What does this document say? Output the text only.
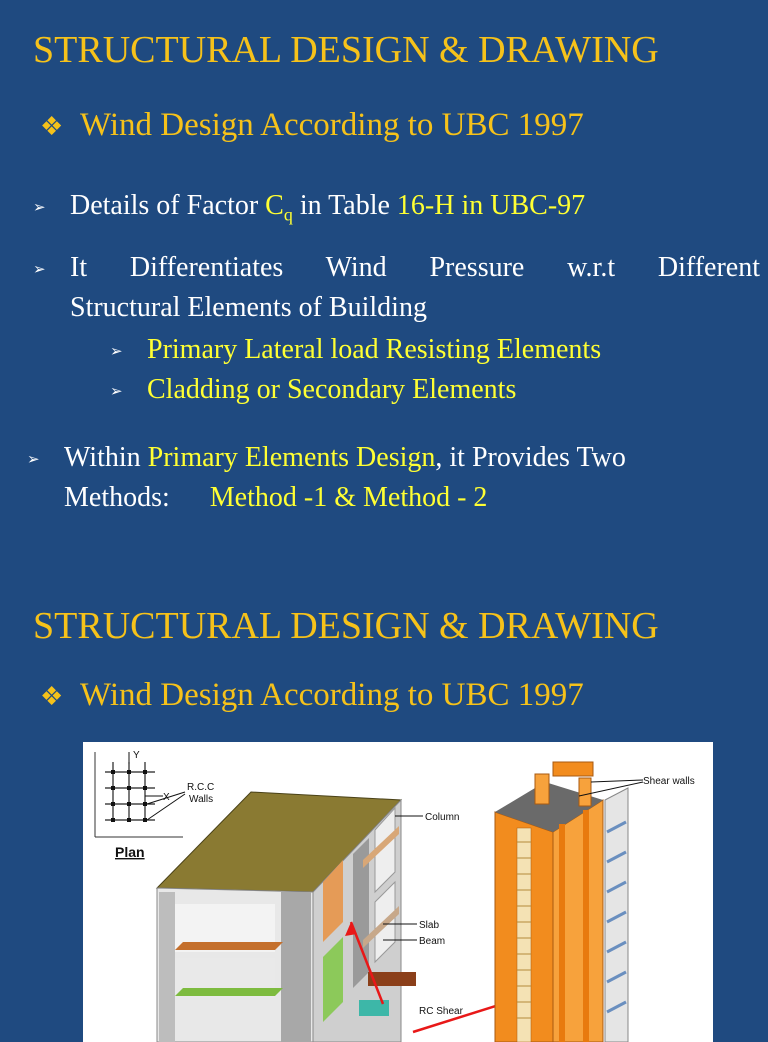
STRUCTURAL DESIGN & DRAWING
❖ Wind Design According to UBC 1997
➢ Details of Factor $C_q$ in Table 16-H in UBC-97
➢ It Differentiates Wind Pressure w.r.t Different
Structural Elements of Building
➢ Primary Lateral load Resisting Elements
➢ Cladding or Secondary Elements
➢ Within Primary Elements Design, it Provides Two
Methods: Method -1 & Method - 2
STRUCTURAL DESIGN & DRAWING
❖ Wind Design According to UBC 1997
Y
X
R.C.C
Walls
Plan
Column
Slab
Beam
RC Shear
Shear walls
